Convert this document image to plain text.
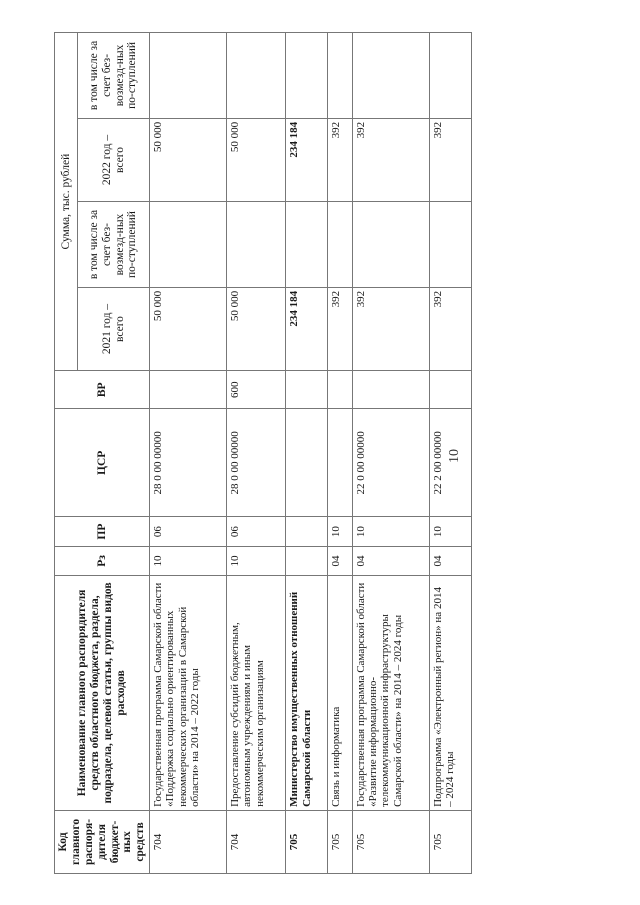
10
Код главного распоря-дителя бюджет-ных средств	Наименование главного распорядителя средств областного бюджета, раздела, подраздела, целевой статьи, группы видов расходов	Рз	ПР	ЦСР	ВР	Сумма, тыс. рублей			
						2021 год – всего	в том числе за счет без-возмезд-ных по-ступлений	2022 год – всего	в том числе за счет без-возмезд-ных по-ступлений
704	Государственная программа Самарской области «Поддержка социально ориентированных некоммерческих организаций в Самарской области» на 2014 – 2022 годы	10	06	28 0 00 00000		50 000		50 000	
704	Предоставление субсидий бюджетным, автономным учреждениям и иным некоммерческим организациям	10	06	28 0 00 00000	600	50 000		50 000	
705	Министерство имущественных отношений Самарской области					234 184		234 184	
705	Связь и информатика	04	10			392		392	
705	Государственная программа Самарской области «Развитие информационно-телекоммуникационной инфраструктуры Самарской области» на 2014 – 2024 годы	04	10	22 0 00 00000		392		392	
705	Подпрограмма «Электронный регион» на 2014 – 2024 годы	04	10	22 2 00 00000		392		392	
